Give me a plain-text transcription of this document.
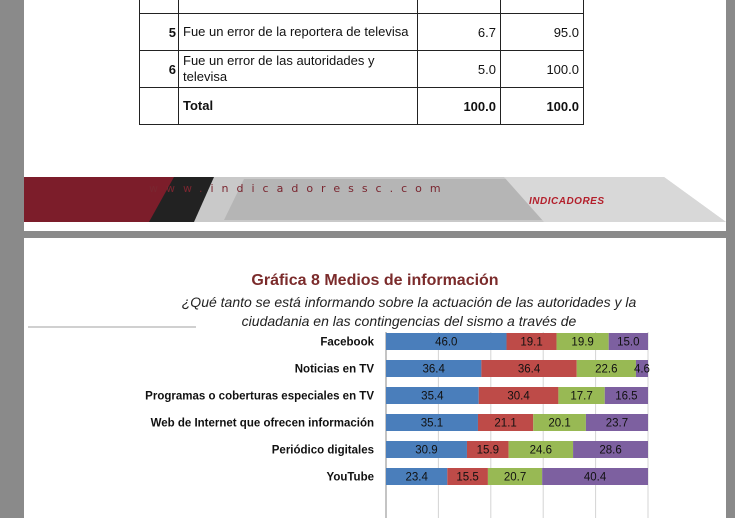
5	Fue un error de la reportera de televisa	6.7	95.0
6	Fue un error de las autoridades y televisa	5.0	100.0
	Total	100.0	100.0
www.indicadoressc.com
INDICADORES
Gráfica 8 Medios de información
¿Qué tanto se está informando sobre la actuación de las autoridades y la ciudadania en las contingencias del sismo a través de
Facebook	46.0	19.1 19.9 15.0
Noticias en TV	36.4	36.4	22.6 4.6
Programas o coberturas especiales en TV	35.4	30.4	17.7 16.5
Web de Internet que ofrecen información	35.1	21.1	20.1	23.7
Periódico digitales	30.9	15.9	24.6	28.6
YouTube	23.4 15.5 20.7	40.4
